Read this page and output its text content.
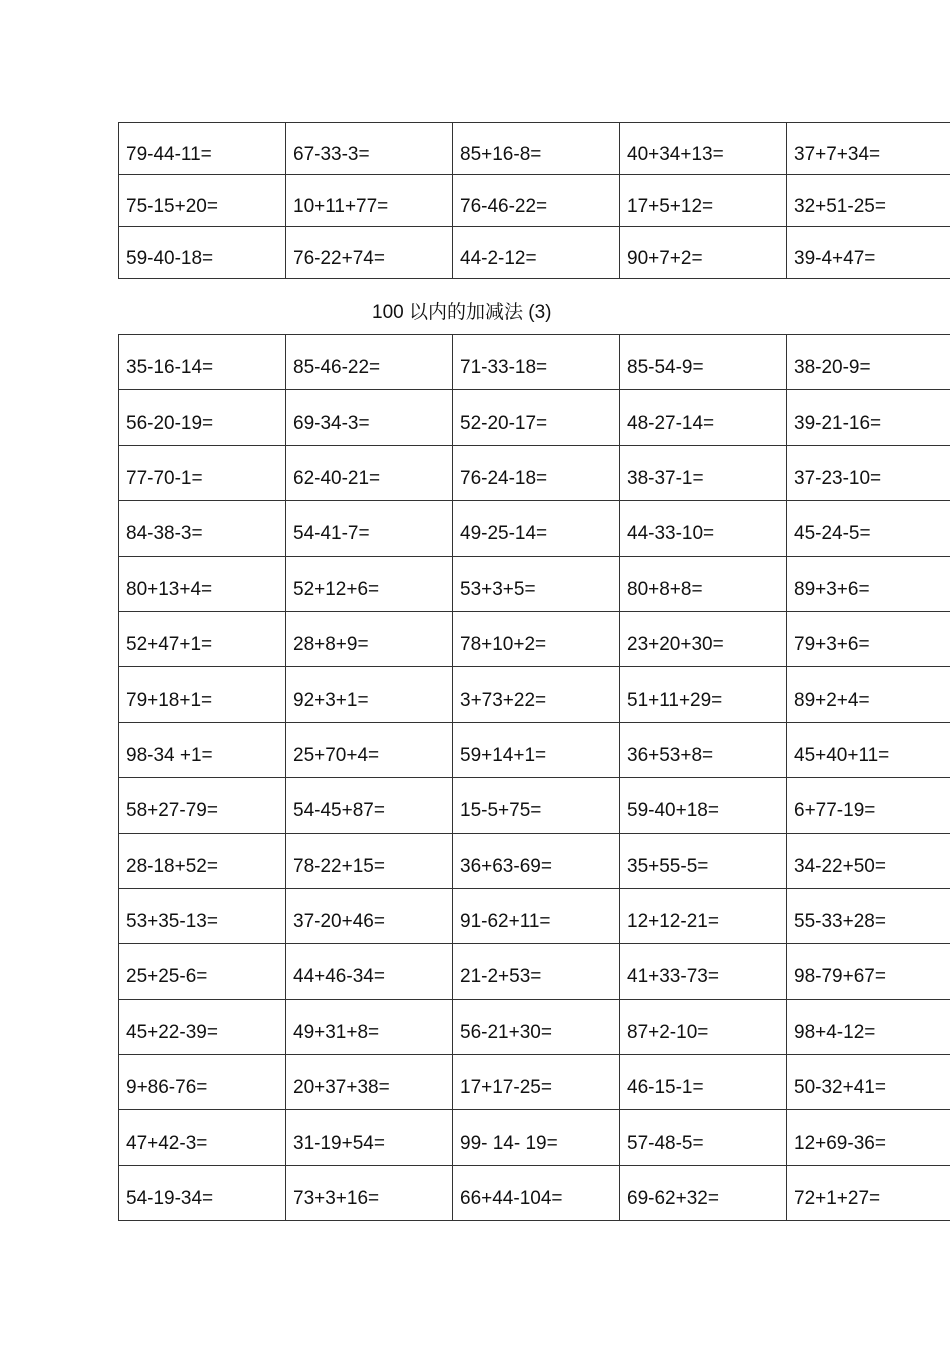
79-44-11=	67-33-3=	85+16-8=	40+34+13=	37+7+34=
75-15+20=	10+11+77=	76-46-22=	17+5+12=	32+51-25=
59-40-18=	76-22+74=	44-2-12=	90+7+2=	39-4+47=
100 以内的加减法 (3)
35-16-14=	85-46-22=	71-33-18=	85-54-9=	38-20-9=
56-20-19=	69-34-3=	52-20-17=	48-27-14=	39-21-16=
77-70-1=	62-40-21=	76-24-18=	38-37-1=	37-23-10=
84-38-3=	54-41-7=	49-25-14=	44-33-10=	45-24-5=
80+13+4=	52+12+6=	53+3+5=	80+8+8=	89+3+6=
52+47+1=	28+8+9=	78+10+2=	23+20+30=	79+3+6=
79+18+1=	92+3+1=	3+73+22=	51+11+29=	89+2+4=
98-34 +1=	25+70+4=	59+14+1=	36+53+8=	45+40+11=
58+27-79=	54-45+87=	15-5+75=	59-40+18=	6+77-19=
28-18+52=	78-22+15=	36+63-69=	35+55-5=	34-22+50=
53+35-13=	37-20+46=	91-62+11=	12+12-21=	55-33+28=
25+25-6=	44+46-34=	21-2+53=	41+33-73=	98-79+67=
45+22-39=	49+31+8=	56-21+30=	87+2-10=	98+4-12=
9+86-76=	20+37+38=	17+17-25=	46-15-1=	50-32+41=
47+42-3=	31-19+54=	99- 14- 19=	57-48-5=	12+69-36=
54-19-34=	73+3+16=	66+44-104=	69-62+32=	72+1+27=
